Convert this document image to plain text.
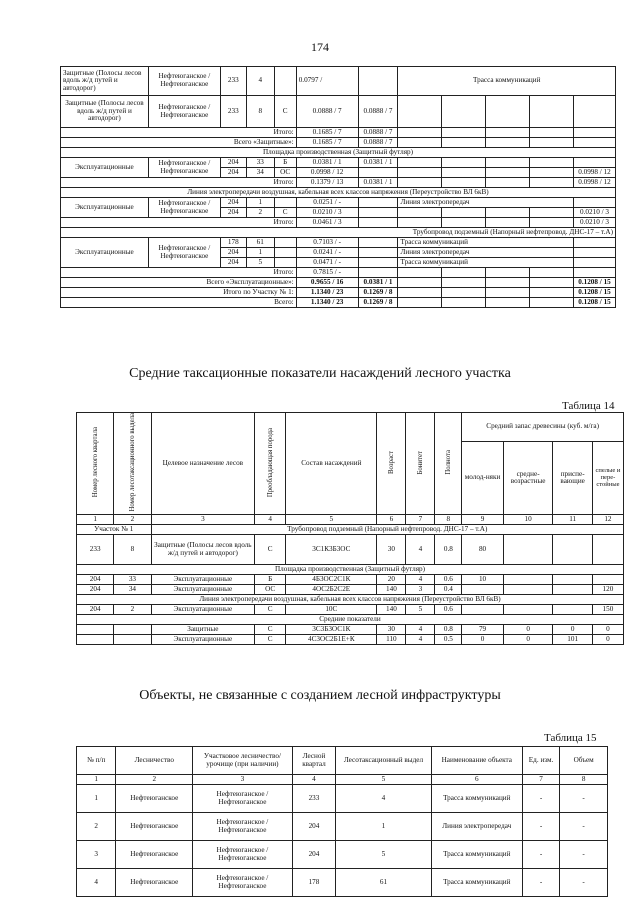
174
Защитные (Полосы лесов вдоль ж/д путей и автодорог)	Нефтеюганское / Нефтеюганское	233	4		0.0797 /		Трасса коммуникаций				
Защитные (Полосы лесов вдоль ж/д путей и автодорог)	Нефтеюганское / Нефтеюганское	233	8	С	0.0888 / 7	0.0888 / 7					
Итого:					0.1685 / 7	0.0888 / 7					
Всего «Защитные»:					0.1685 / 7	0.0888 / 7					
Площадка производственная (Защитный футляр)											
Эксплуатационные	Нефтеюганское / Нефтеюганское	204	33	Б	0.0381 / 1	0.0381 / 1					
		204	34	ОС	0.0998 / 12						0.0998 / 12
Итого:					0.1379 / 13	0.0381 / 1					0.0998 / 12
Линия электропередачи воздушная, кабельная всех классов напряжения (Переустройство ВЛ 6кВ)											
Эксплуатационные	Нефтеюганское / Нефтеюганское	204	1		0.0251 / -		Линия электропередач				
		204	2	С	0.0210 / 3						0.0210 / 3
Итого:					0.0461 / 3						0.0210 / 3
Трубопровод подземный (Напорный нефтепровод. ДНС-17 – т.А)											
Эксплуатационные	Нефтеюганское / Нефтеюганское	178	61		0.7103 / -		Трасса коммуникаций				
		204	1		0.0241 / -		Линия электропередач				
		204	5		0.0471 / -		Трасса коммуникаций				
Итого:					0.7815 / -						
Всего «Эксплуатационные»:					0.9655 / 16	0.0381 / 1					0.1208 / 15
Итого по Участку № 1:					1.1340 / 23	0.1269 / 8					0.1208 / 15
Всего:					1.1340 / 23	0.1269 / 8					0.1208 / 15
Средние таксационные показатели насаждений лесного участка
Таблица 14
Номер лесного квартала	Номер лесотаксационного выдела	Целевое назначение лесов	Преобладающая порода	Состав насаждений	Возраст	Бонитет	Полнота	Средний запас древесины (куб. м/га)			
								молод-няки	средне-возрастные	приспе-вающие	спелые и пере-стойные
1	2	3	4	5	6	7	8	9	10	11	12
Участок № 1		Трубопровод подземный (Напорный нефтепровод. ДНС-17 – т.А)									
233	8	Защитные (Полосы лесов вдоль ж/д путей и автодорог)	С	3С1К3Б3ОС	30	4	0.8	80			
Площадка производственная (Защитный футляр)											
204	33	Эксплуатационные	Б	4Б3ОС2С1К	20	4	0.6	10			
204	34	Эксплуатационные	ОС	4ОС2Б2С2Е	140	3	0.4				120
Линия электропередачи воздушная, кабельная всех классов напряжения (Переустройство ВЛ 6кВ)											
204	2	Эксплуатационные	С	10С	140	5	0.6				150
Средние показатели											
		Защитные	С	3С3Б3ОС1К	30	4	0.8	79	0	0	0
		Эксплуатационные	С	4С3ОС2Б1Е+К	110	4	0.5	0	0	101	0
Объекты, не связанные с созданием лесной инфраструктуры
Таблица 15
№ п/п	Лесничество	Участковое лесничество/ урочище (при наличии)	Лесной квартал	Лесотаксационный выдел	Наименование объекта	Ед. изм.	Объем
1	2	3	4	5	6	7	8
1	Нефтеюганское	Нефтеюганское / Нефтеюганское	233	4	Трасса коммуникаций	-	-
2	Нефтеюганское	Нефтеюганское / Нефтеюганское	204	1	Линия электропередач	-	-
3	Нефтеюганское	Нефтеюганское / Нефтеюганское	204	5	Трасса коммуникаций	-	-
4	Нефтеюганское	Нефтеюганское / Нефтеюганское	178	61	Трасса коммуникаций	-	-
